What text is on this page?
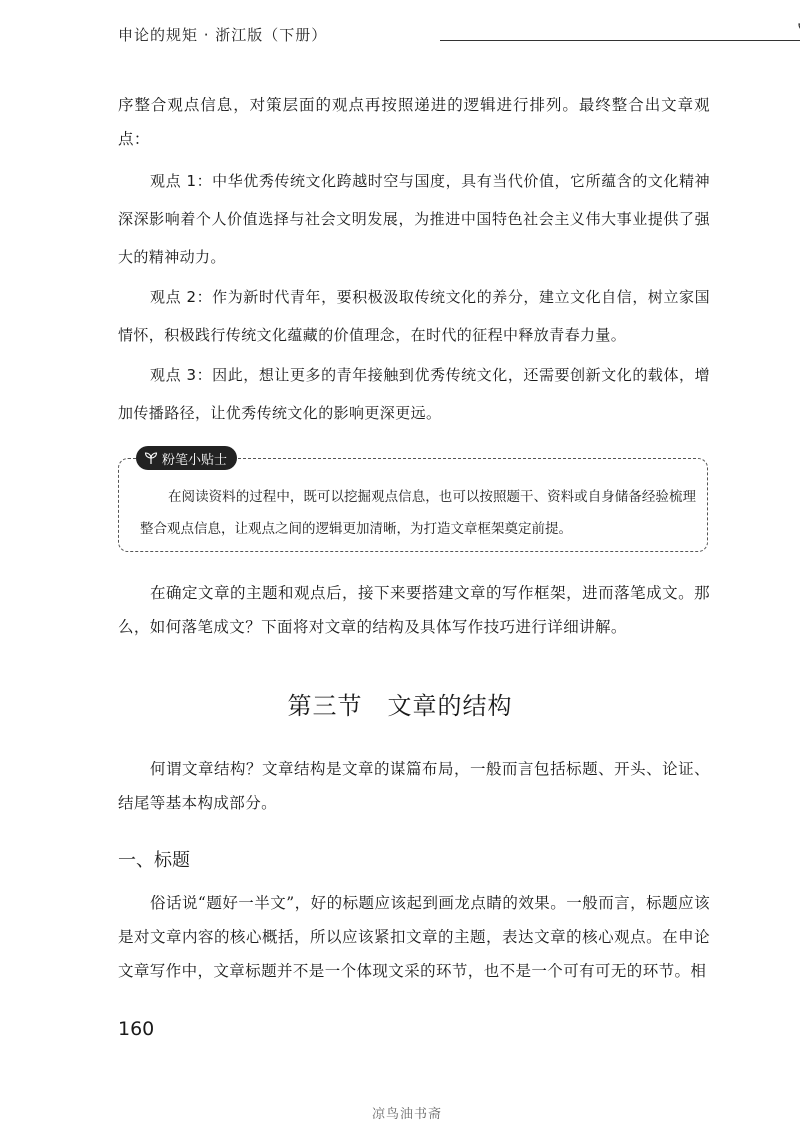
申论的规矩 · 浙江版（下册）

序整合观点信息，对策层面的观点再按照递进的逻辑进行排列。最终整合出文章观点：

观点 1：中华优秀传统文化跨越时空与国度，具有当代价值，它所蕴含的文化精神深深影响着个人价值选择与社会文明发展，为推进中国特色社会主义伟大事业提供了强大的精神动力。

观点 2：作为新时代青年，要积极汲取传统文化的养分，建立文化自信，树立家国情怀，积极践行传统文化蕴藏的价值理念，在时代的征程中释放青春力量。

观点 3：因此，想让更多的青年接触到优秀传统文化，还需要创新文化的载体，增加传播路径，让优秀传统文化的影响更深更远。

粉笔小贴士

在阅读资料的过程中，既可以挖掘观点信息，也可以按照题干、资料或自身储备经验梳理整合观点信息，让观点之间的逻辑更加清晰，为打造文章框架奠定前提。

在确定文章的主题和观点后，接下来要搭建文章的写作框架，进而落笔成文。那么，如何落笔成文？下面将对文章的结构及具体写作技巧进行详细讲解。

第三节　文章的结构

何谓文章结构？文章结构是文章的谋篇布局，一般而言包括标题、开头、论证、结尾等基本构成部分。

一、标题

俗话说“题好一半文”，好的标题应该起到画龙点睛的效果。一般而言，标题应该是对文章内容的核心概括，所以应该紧扣文章的主题，表达文章的核心观点。在申论文章写作中，文章标题并不是一个体现文采的环节，也不是一个可有可无的环节。相

160
凉鸟油书斋
